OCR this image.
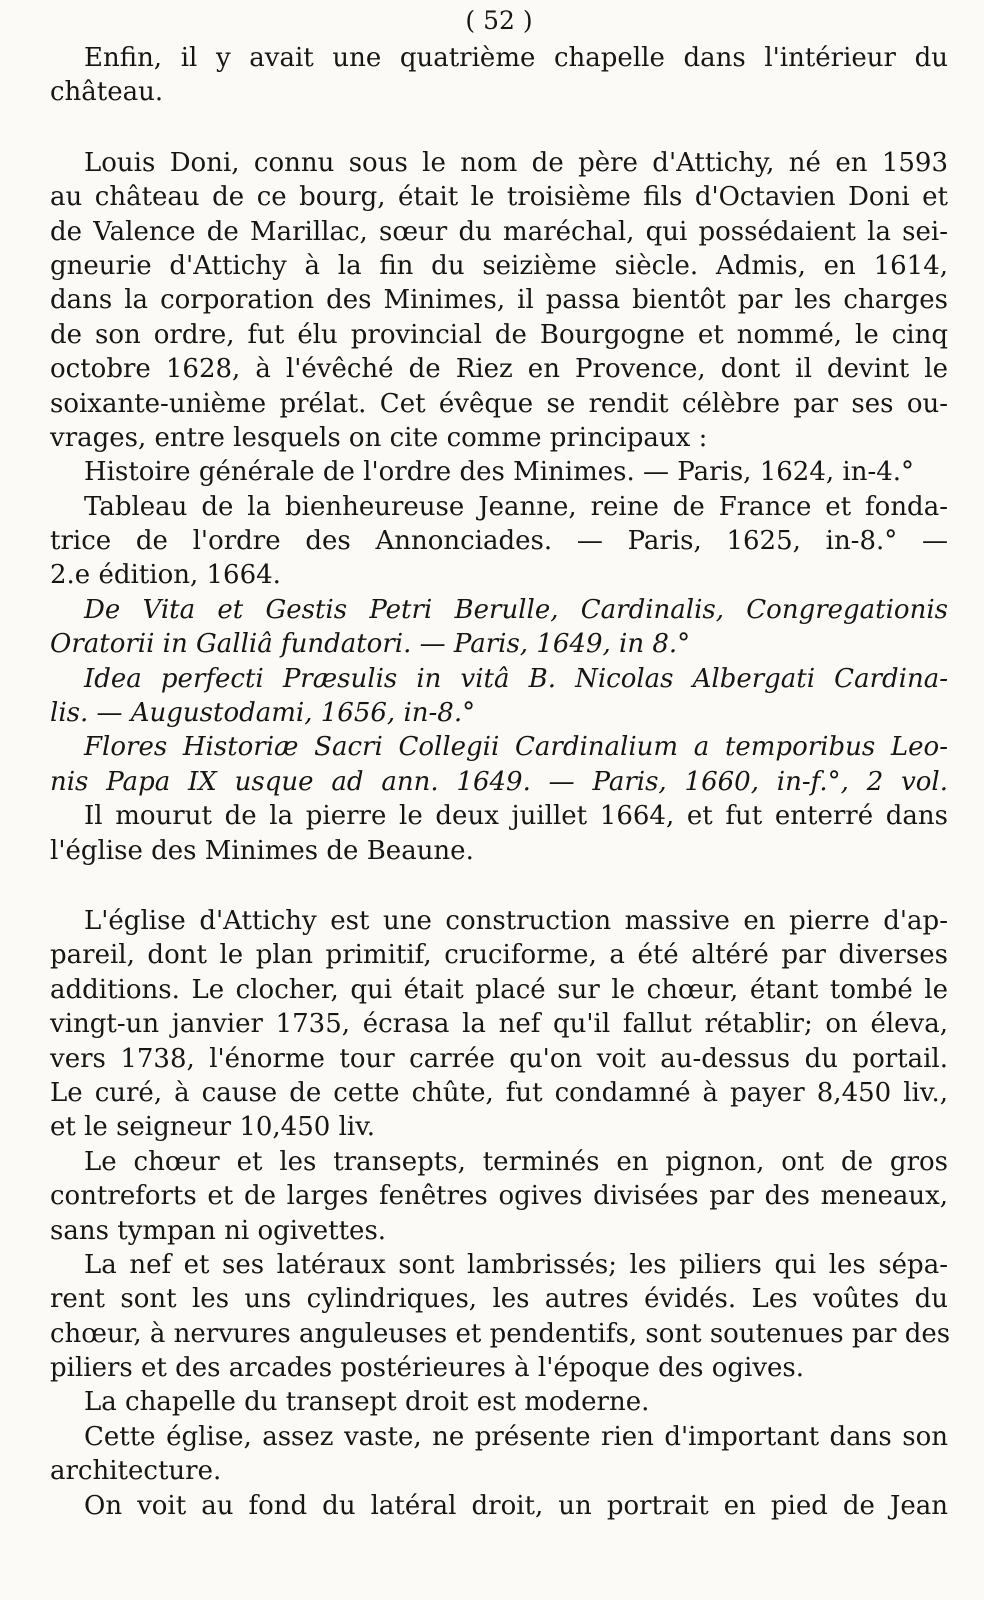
( 52 )
Enfin, il y avait une quatrième chapelle dans l'intérieur du
château.
Louis Doni, connu sous le nom de père d'Attichy, né en 1593
au château de ce bourg, était le troisième fils d'Octavien Doni et
de Valence de Marillac, sœur du maréchal, qui possédaient la sei-
gneurie d'Attichy à la fin du seizième siècle. Admis, en 1614,
dans la corporation des Minimes, il passa bientôt par les charges
de son ordre, fut élu provincial de Bourgogne et nommé, le cinq
octobre 1628, à l'évêché de Riez en Provence, dont il devint le
soixante-unième prélat. Cet évêque se rendit célèbre par ses ou-
vrages, entre lesquels on cite comme principaux :
Histoire générale de l'ordre des Minimes. — Paris, 1624, in-4.°
Tableau de la bienheureuse Jeanne, reine de France et fonda-
trice de l'ordre des Annonciades. — Paris, 1625, in-8.° —
2.e édition, 1664.
De Vita et Gestis Petri Berulle, Cardinalis, Congregationis
Oratorii in Galliâ fundatori. — Paris, 1649, in 8.°
Idea perfecti Præsulis in vitâ B. Nicolas Albergati Cardina-
lis. — Augustodami, 1656, in-8.°
Flores Historiæ Sacri Collegii Cardinalium a temporibus Leo-
nis Papa IX usque ad ann. 1649. — Paris, 1660, in-f.°, 2 vol.
Il mourut de la pierre le deux juillet 1664, et fut enterré dans
l'église des Minimes de Beaune.
L'église d'Attichy est une construction massive en pierre d'ap-
pareil, dont le plan primitif, cruciforme, a été altéré par diverses
additions. Le clocher, qui était placé sur le chœur, étant tombé le
vingt-un janvier 1735, écrasa la nef qu'il fallut rétablir; on éleva,
vers 1738, l'énorme tour carrée qu'on voit au-dessus du portail.
Le curé, à cause de cette chûte, fut condamné à payer 8,450 liv.,
et le seigneur 10,450 liv.
Le chœur et les transepts, terminés en pignon, ont de gros
contreforts et de larges fenêtres ogives divisées par des meneaux,
sans tympan ni ogivettes.
La nef et ses latéraux sont lambrissés; les piliers qui les sépa-
rent sont les uns cylindriques, les autres évidés. Les voûtes du
chœur, à nervures anguleuses et pendentifs, sont soutenues par des
piliers et des arcades postérieures à l'époque des ogives.
La chapelle du transept droit est moderne.
Cette église, assez vaste, ne présente rien d'important dans son
architecture.
On voit au fond du latéral droit, un portrait en pied de Jean
